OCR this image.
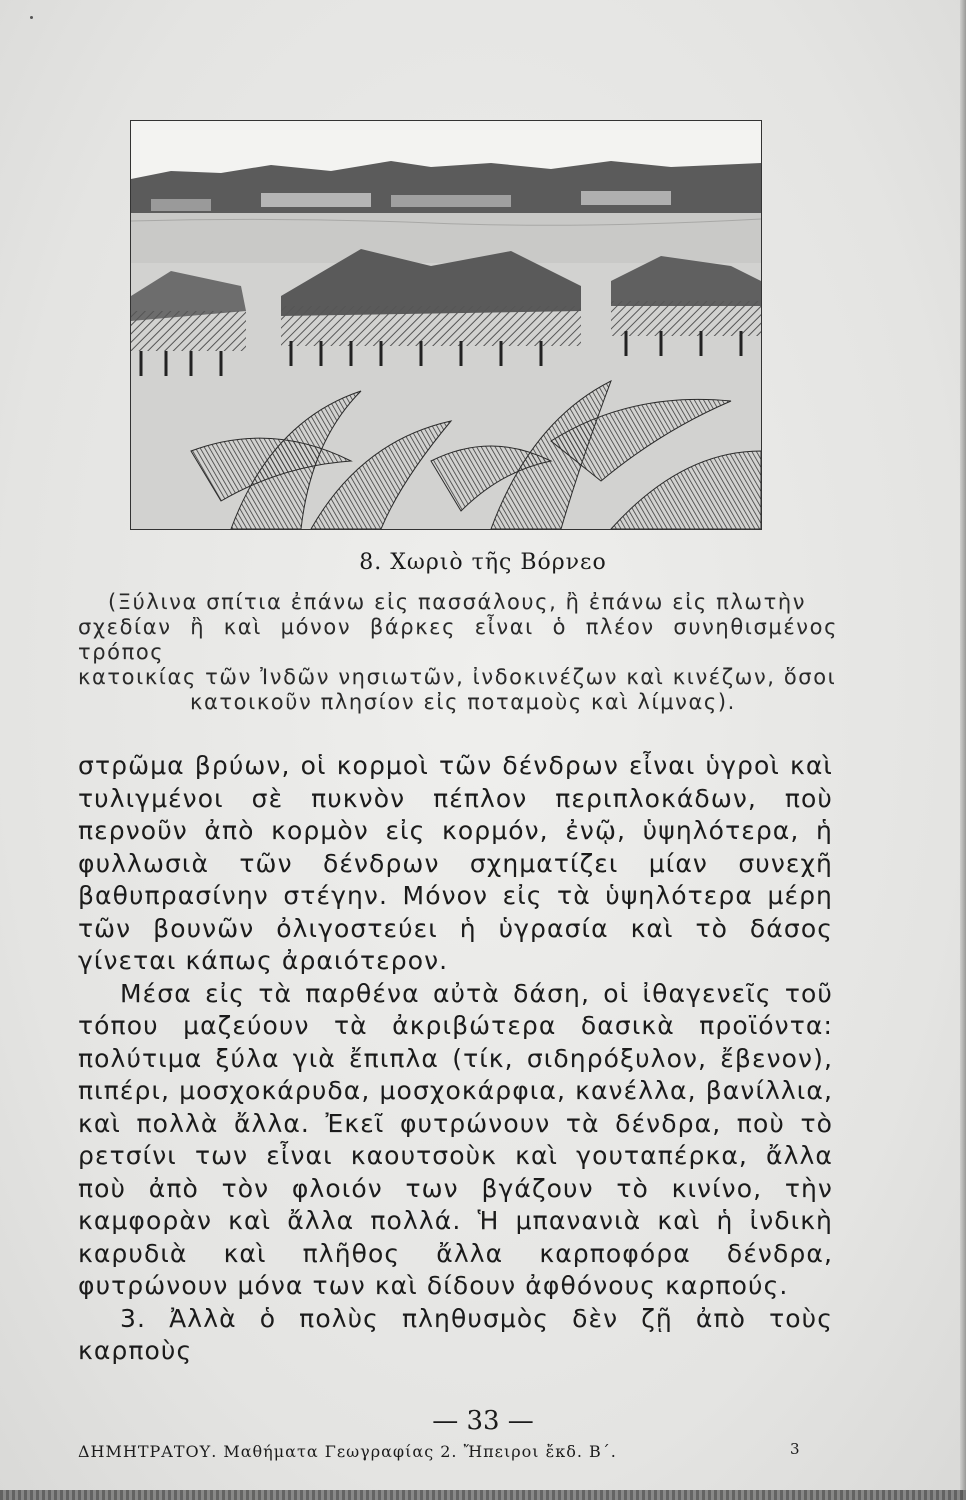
8. Χωριὸ τῆς Βόρνεο

(Ξύλινα σπίτια ἐπάνω εἰς πασσάλους, ἢ ἐπάνω εἰς πλωτὴν

σχεδίαν ἢ καὶ μόνον βάρκες εἶναι ὁ πλέον συνηθισμένος τρόπος

κατοικίας τῶν Ἰνδῶν νησιωτῶν, ἰνδοκινέζων καὶ κινέζων, ὅσοι

κατοικοῦν πλησίον εἰς ποταμοὺς καὶ λίμνας).

στρῶμα βρύων, οἱ κορμοὶ τῶν δένδρων εἶναι ὑγροὶ καὶ τυλιγμένοι σὲ πυκνὸν πέπλον περιπλοκάδων, ποὺ περνοῦν ἀπὸ κορμὸν εἰς κορμόν, ἐνῷ, ὑψηλότερα, ἡ φυλλωσιὰ τῶν δένδρων σχηματίζει μίαν συνεχῆ βαθυπρασίνην στέγην. Μόνον εἰς τὰ ὑψηλότερα μέρη τῶν βουνῶν ὀλιγοστεύει ἡ ὑγρασία καὶ τὸ δάσος γίνεται κάπως ἀραιότερον.

Μέσα εἰς τὰ παρθένα αὐτὰ δάση, οἱ ἰθαγενεῖς τοῦ τόπου μαζεύουν τὰ ἀκριβώτερα δασικὰ προϊόντα: πολύτιμα ξύλα γιὰ ἔπιπλα (τίκ, σιδηρόξυλον, ἔβενον), πιπέρι, μοσχοκάρυδα, μοσχοκάρφια, κανέλλα, βανίλλια, καὶ πολλὰ ἄλλα. Ἐκεῖ φυτρώνουν τὰ δένδρα, ποὺ τὸ ρετσίνι των εἶναι καουτσοὺκ καὶ γουταπέρκα, ἄλλα ποὺ ἀπὸ τὸν φλοιόν των βγάζουν τὸ κινίνο, τὴν καμφορὰν καὶ ἄλλα πολλά. Ἡ μπανανιὰ καὶ ἡ ἰνδικὴ καρυδιὰ καὶ πλῆθος ἄλλα καρποφόρα δένδρα, φυτρώνουν μόνα των καὶ δίδουν ἀφθόνους καρπούς.

3. Ἀλλὰ ὁ πολὺς πληθυσμὸς δὲν ζῇ ἀπὸ τοὺς καρποὺς

— 33 —
ΔΗΜΗΤΡΑΤΟΥ. Μαθήματα Γεωγραφίας 2. Ἤπειροι ἔκδ. Β΄.	3
